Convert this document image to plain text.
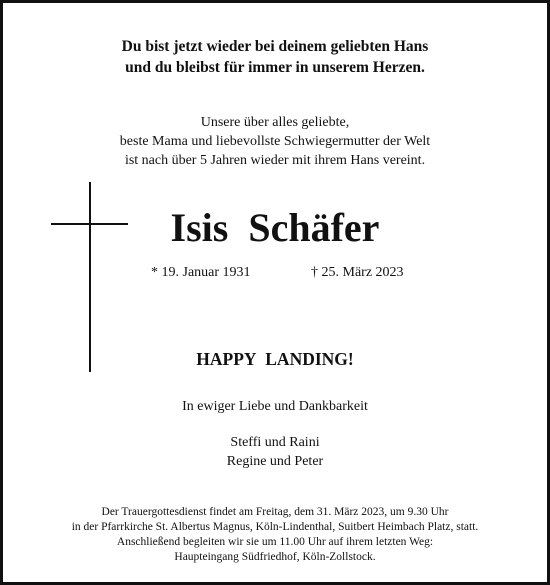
Du bist jetzt wieder bei deinem geliebten Hans
und du bleibst für immer in unserem Herzen.
Unsere über alles geliebte,
beste Mama und liebevollste Schwiegermutter der Welt
ist nach über 5 Jahren wieder mit ihrem Hans vereint.
Isis Schäfer
* 19. Januar 1931	† 25. März 2023
HAPPY LANDING!
In ewiger Liebe und Dankbarkeit
Steffi und Raini
Regine und Peter
Der Trauergottesdienst findet am Freitag, dem 31. März 2023, um 9.30 Uhr
in der Pfarrkirche St. Albertus Magnus, Köln-Lindenthal, Suitbert Heimbach Platz, statt.
Anschließend begleiten wir sie um 11.00 Uhr auf ihrem letzten Weg:
Haupteingang Südfriedhof, Köln-Zollstock.
